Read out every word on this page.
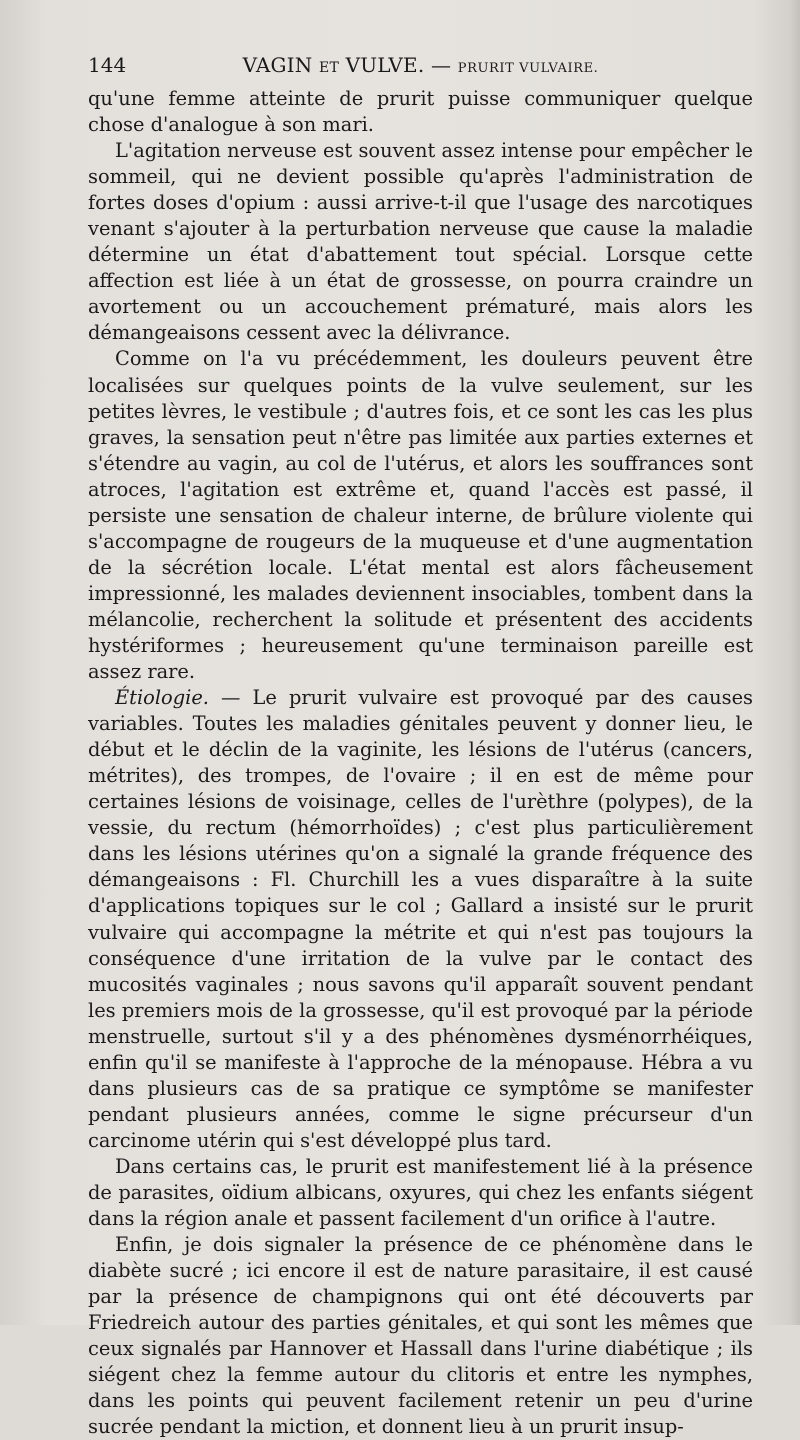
144	VAGIN ET VULVE. — PRURIT VULVAIRE.

qu'une femme atteinte de prurit puisse communiquer quelque chose d'analogue à son mari.

L'agitation nerveuse est souvent assez intense pour empêcher le sommeil, qui ne devient possible qu'après l'administration de fortes doses d'opium : aussi arrive-t-il que l'usage des narcotiques venant s'ajouter à la perturbation nerveuse que cause la maladie détermine un état d'abattement tout spécial. Lorsque cette affection est liée à un état de grossesse, on pourra craindre un avortement ou un accouchement prématuré, mais alors les démangeaisons cessent avec la délivrance.

Comme on l'a vu précédemment, les douleurs peuvent être localisées sur quelques points de la vulve seulement, sur les petites lèvres, le vestibule ; d'autres fois, et ce sont les cas les plus graves, la sensation peut n'être pas limitée aux parties externes et s'étendre au vagin, au col de l'utérus, et alors les souffrances sont atroces, l'agitation est extrême et, quand l'accès est passé, il persiste une sensation de chaleur interne, de brûlure violente qui s'accompagne de rougeurs de la muqueuse et d'une augmentation de la sécrétion locale. L'état mental est alors fâcheusement impressionné, les malades deviennent insociables, tombent dans la mélancolie, recherchent la solitude et présentent des accidents hystériformes ; heureusement qu'une terminaison pareille est assez rare.

Étiologie. — Le prurit vulvaire est provoqué par des causes variables. Toutes les maladies génitales peuvent y donner lieu, le début et le déclin de la vaginite, les lésions de l'utérus (cancers, métrites), des trompes, de l'ovaire ; il en est de même pour certaines lésions de voisinage, celles de l'urèthre (polypes), de la vessie, du rectum (hémorrhoïdes) ; c'est plus particulièrement dans les lésions utérines qu'on a signalé la grande fréquence des démangeaisons : Fl. Churchill les a vues disparaître à la suite d'applications topiques sur le col ; Gallard a insisté sur le prurit vulvaire qui accompagne la métrite et qui n'est pas toujours la conséquence d'une irritation de la vulve par le contact des mucosités vaginales ; nous savons qu'il apparaît souvent pendant les premiers mois de la grossesse, qu'il est provoqué par la période menstruelle, surtout s'il y a des phénomènes dysménorrhéiques, enfin qu'il se manifeste à l'approche de la ménopause. Hébra a vu dans plusieurs cas de sa pratique ce symptôme se manifester pendant plusieurs années, comme le signe précurseur d'un carcinome utérin qui s'est développé plus tard.

Dans certains cas, le prurit est manifestement lié à la présence de parasites, oïdium albicans, oxyures, qui chez les enfants siégent dans la région anale et passent facilement d'un orifice à l'autre.

Enfin, je dois signaler la présence de ce phénomène dans le diabète sucré ; ici encore il est de nature parasitaire, il est causé par la présence de champignons qui ont été découverts par Friedreich autour des parties génitales, et qui sont les mêmes que ceux signalés par Hannover et Hassall dans l'urine diabétique ; ils siégent chez la femme autour du clitoris et entre les nymphes, dans les points qui peuvent facilement retenir un peu d'urine sucrée pendant la miction, et donnent lieu à un prurit insup-
